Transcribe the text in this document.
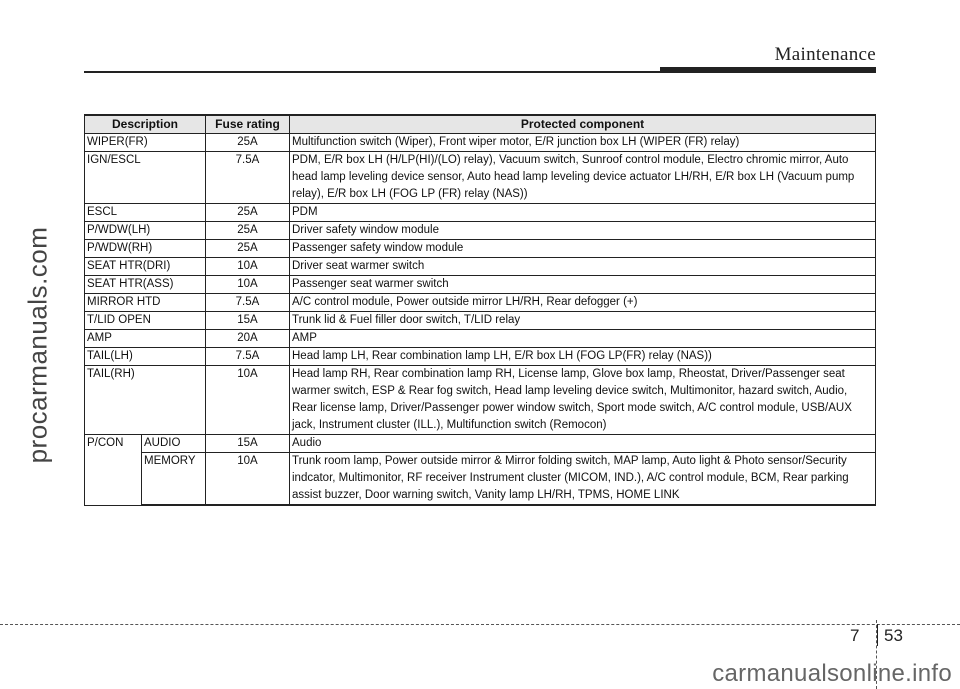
Maintenance
procarmanuals.com
Description		Fuse rating	Protected component
WIPER(FR)		25A	Multifunction switch (Wiper), Front wiper motor, E/R junction box LH (WIPER (FR) relay)
IGN/ESCL		7.5A	PDM, E/R box LH (H/LP(HI)/(LO) relay), Vacuum switch, Sunroof control module, Electro chromic mirror, Auto head lamp leveling device sensor, Auto head lamp leveling device actuator LH/RH, E/R box LH (Vacuum pump relay), E/R box LH (FOG LP (FR) relay (NAS))
ESCL		25A	PDM
P/WDW(LH)		25A	Driver safety window module
P/WDW(RH)		25A	Passenger safety window module
SEAT HTR(DRI)		10A	Driver seat warmer switch
SEAT HTR(ASS)		10A	Passenger seat warmer switch
MIRROR HTD		7.5A	A/C control module, Power outside mirror LH/RH, Rear defogger (+)
T/LID OPEN		15A	Trunk lid & Fuel filler door switch, T/LID relay
AMP		20A	AMP
TAIL(LH)		7.5A	Head lamp LH, Rear combination lamp LH, E/R box LH (FOG LP(FR) relay (NAS))
TAIL(RH)		10A	Head lamp RH, Rear combination lamp RH, License lamp, Glove box lamp, Rheostat, Driver/Passenger seat warmer switch, ESP & Rear fog switch, Head lamp leveling device switch, Multimonitor, hazard switch, Audio, Rear license lamp, Driver/Passenger power window switch, Sport mode switch, A/C control module, USB/AUX jack, Instrument cluster (ILL.), Multifunction switch (Remocon)
P/CON	AUDIO	15A	Audio
	MEMORY	10A	Trunk room lamp, Power outside mirror & Mirror folding switch, MAP lamp, Auto light & Photo sensor/Security indcator, Multimonitor, RF receiver Instrument cluster (MICOM, IND.), A/C control module, BCM, Rear parking assist buzzer, Door warning switch, Vanity lamp LH/RH, TPMS, HOME LINK
7 53
carmanualsonline.info
